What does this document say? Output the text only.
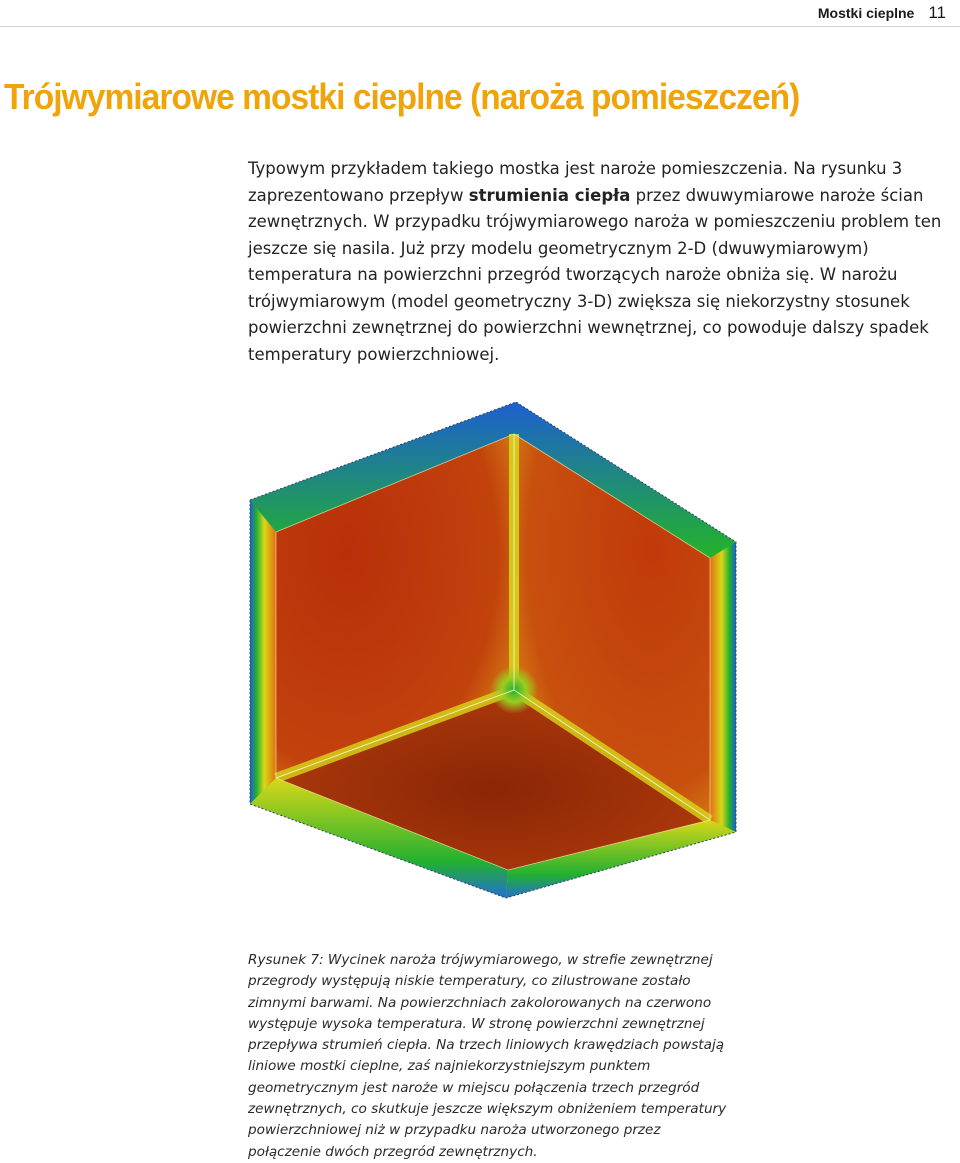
Mostki cieplne 11
Trójwymiarowe mostki cieplne (naroża pomieszczeń)

Typowym przykładem takiego mostka jest naroże pomieszczenia. Na rysunku 3 zaprezentowano przepływ strumienia ciepła przez dwuwymiarowe naroże ścian zewnętrznych. W przypadku trójwymiarowego naroża w pomieszczeniu problem ten jeszcze się nasila. Już przy modelu geometrycznym 2-D (dwuwymiarowym) temperatura na powierzchni przegród tworzących naroże obniża się. W narożu trójwymiarowym (model geometryczny 3-D) zwiększa się niekorzystny stosunek powierzchni zewnętrznej do powierzchni wewnętrznej, co powoduje dalszy spadek temperatury powierzchniowej.

Rysunek 7: Wycinek naroża trójwymiarowego, w strefie zewnętrznej przegrody występują niskie temperatury, co zilustrowane zostało zimnymi barwami. Na powierzchniach zakolorowanych na czerwono występuje wysoka temperatura. W stronę powierzchni zewnętrznej przepływa strumień ciepła. Na trzech liniowych krawędziach powstają liniowe mostki cieplne, zaś najniekorzystniejszym punktem geometrycznym jest naroże w miejscu połączenia trzech przegród zewnętrznych, co skutkuje jeszcze większym obniżeniem temperatury powierzchniowej niż w przypadku naroża utworzonego przez połączenie dwóch przegród zewnętrznych.
